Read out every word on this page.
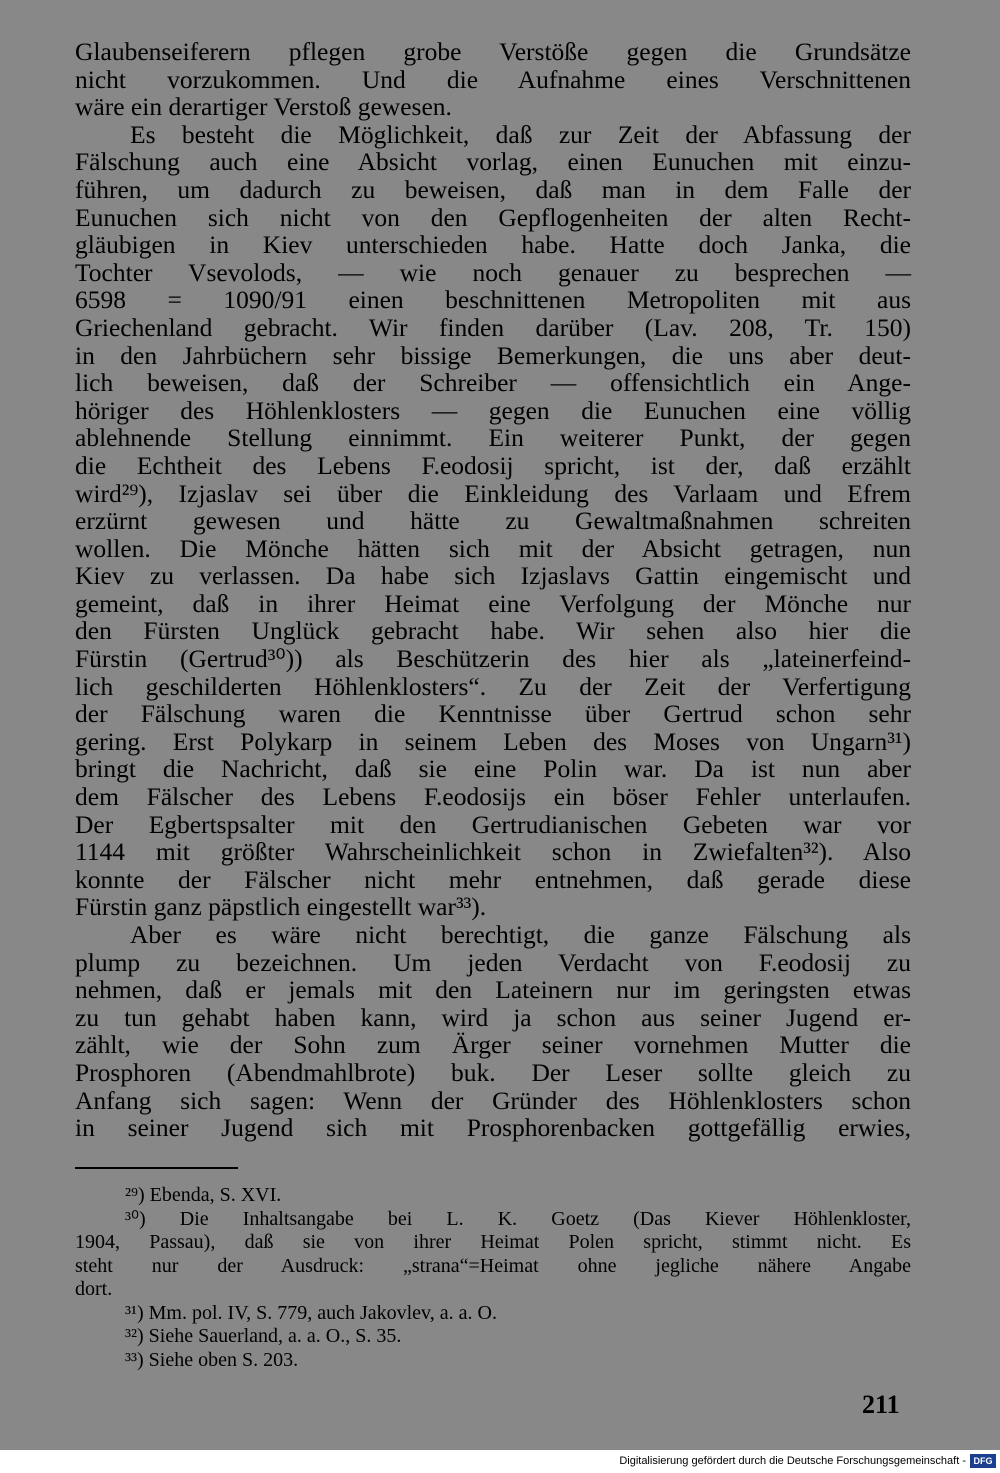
Glaubenseiferern pflegen grobe Verstöße gegen die Grundsätze
nicht vorzukommen. Und die Aufnahme eines Verschnittenen
wäre ein derartiger Verstoß gewesen.
Es besteht die Möglichkeit, daß zur Zeit der Abfassung der
Fälschung auch eine Absicht vorlag, einen Eunuchen mit einzu-
führen, um dadurch zu beweisen, daß man in dem Falle der
Eunuchen sich nicht von den Gepflogenheiten der alten Recht-
gläubigen in Kiev unterschieden habe. Hatte doch Janka, die
Tochter Vsevolods, — wie noch genauer zu besprechen —
6598 = 1090/91 einen beschnittenen Metropoliten mit aus
Griechenland gebracht. Wir finden darüber (Lav. 208, Tr. 150)
in den Jahrbüchern sehr bissige Bemerkungen, die uns aber deut-
lich beweisen, daß der Schreiber — offensichtlich ein Ange-
höriger des Höhlenklosters — gegen die Eunuchen eine völlig
ablehnende Stellung einnimmt. Ein weiterer Punkt, der gegen
die Echtheit des Lebens F.eodosij spricht, ist der, daß erzählt
wird²⁹), Izjaslav sei über die Einkleidung des Varlaam und Efrem
erzürnt gewesen und hätte zu Gewaltmaßnahmen schreiten
wollen. Die Mönche hätten sich mit der Absicht getragen, nun
Kiev zu verlassen. Da habe sich Izjaslavs Gattin eingemischt und
gemeint, daß in ihrer Heimat eine Verfolgung der Mönche nur
den Fürsten Unglück gebracht habe. Wir sehen also hier die
Fürstin (Gertrud³⁰)) als Beschützerin des hier als „lateinerfeind-
lich geschilderten Höhlenklosters“. Zu der Zeit der Verfertigung
der Fälschung waren die Kenntnisse über Gertrud schon sehr
gering. Erst Polykarp in seinem Leben des Moses von Ungarn³¹)
bringt die Nachricht, daß sie eine Polin war. Da ist nun aber
dem Fälscher des Lebens F.eodosijs ein böser Fehler unterlaufen.
Der Egbertspsalter mit den Gertrudianischen Gebeten war vor
1144 mit größter Wahrscheinlichkeit schon in Zwiefalten³²). Also
konnte der Fälscher nicht mehr entnehmen, daß gerade diese
Fürstin ganz päpstlich eingestellt war³³).
Aber es wäre nicht berechtigt, die ganze Fälschung als
plump zu bezeichnen. Um jeden Verdacht von F.eodosij zu
nehmen, daß er jemals mit den Lateinern nur im geringsten etwas
zu tun gehabt haben kann, wird ja schon aus seiner Jugend er-
zählt, wie der Sohn zum Ärger seiner vornehmen Mutter die
Prosphoren (Abendmahlbrote) buk. Der Leser sollte gleich zu
Anfang sich sagen: Wenn der Gründer des Höhlenklosters schon
in seiner Jugend sich mit Prosphorenbacken gottgefällig erwies,
²⁹) Ebenda, S. XVI.
³⁰) Die Inhaltsangabe bei L. K. Goetz (Das Kiever Höhlenkloster,
1904, Passau), daß sie von ihrer Heimat Polen spricht, stimmt nicht. Es
steht nur der Ausdruck: „strana“=Heimat ohne jegliche nähere Angabe
dort.
³¹) Mm. pol. IV, S. 779, auch Jakovlev, a. a. O.
³²) Siehe Sauerland, a. a. O., S. 35.
³³) Siehe oben S. 203.
211
Digitalisierung gefördert durch die Deutsche Forschungsgemeinschaft - DFG
